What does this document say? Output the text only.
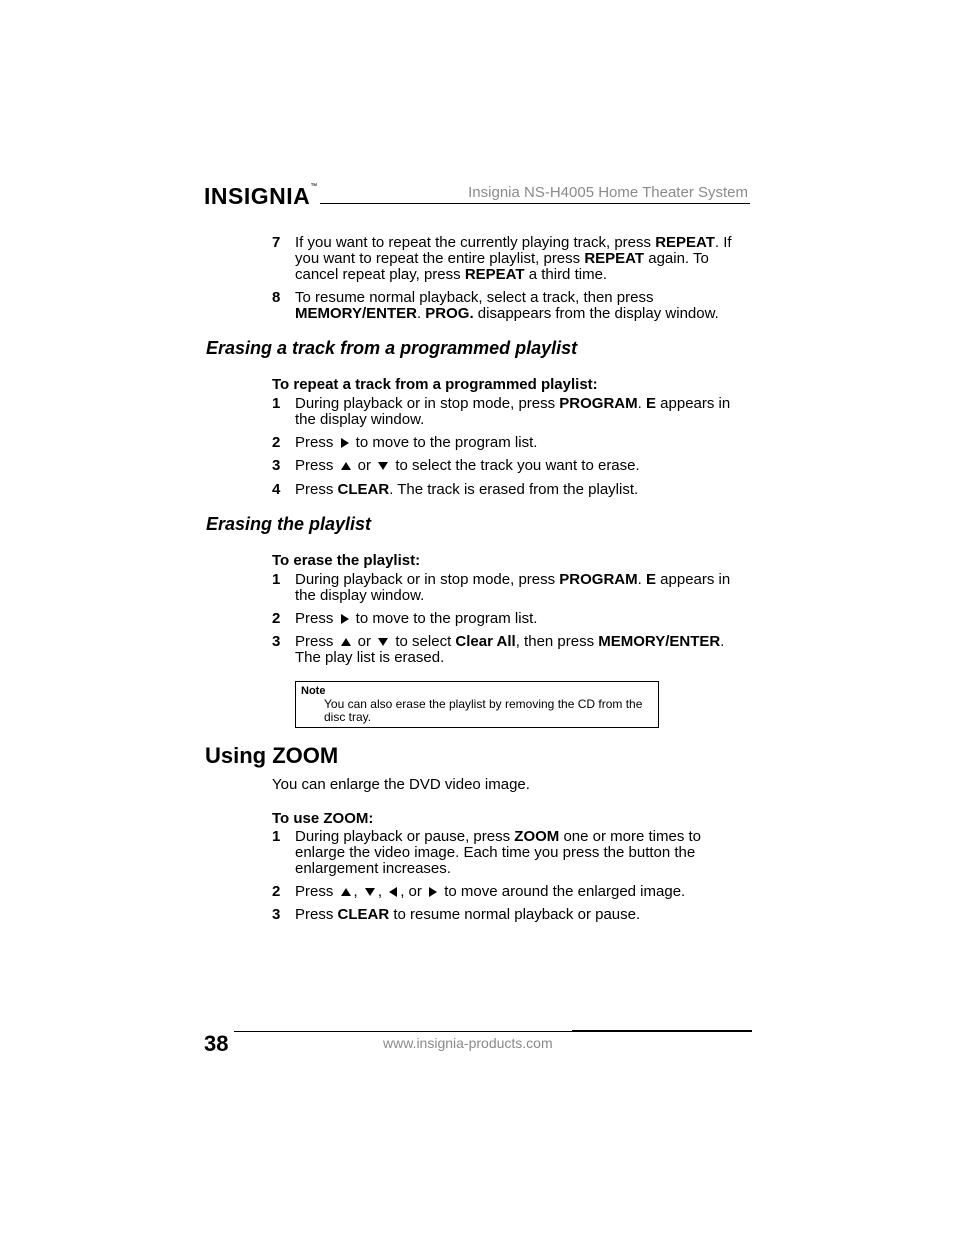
INSIGNIA™	Insignia NS-H4005 Home Theater System
7 If you want to repeat the currently playing track, press REPEAT. If you want to repeat the entire playlist, press REPEAT again. To cancel repeat play, press REPEAT a third time.
8 To resume normal playback, select a track, then press MEMORY/ENTER. PROG. disappears from the display window.
Erasing a track from a programmed playlist
To repeat a track from a programmed playlist:
1 During playback or in stop mode, press PROGRAM. E appears in the display window.
2 Press  to move to the program list.
3 Press  or  to select the track you want to erase.
4 Press CLEAR. The track is erased from the playlist.
Erasing the playlist
To erase the playlist:
1 During playback or in stop mode, press PROGRAM. E appears in the display window.
2 Press  to move to the program list.
3 Press  or  to select Clear All, then press MEMORY/ENTER. The play list is erased.
Note
You can also erase the playlist by removing the CD from the disc tray.
Using ZOOM
You can enlarge the DVD video image.
To use ZOOM:
1 During playback or pause, press ZOOM one or more times to enlarge the video image. Each time you press the button the enlargement increases.
2 Press , , , or  to move around the enlarged image.
3 Press CLEAR to resume normal playback or pause.
38	www.insignia-products.com
